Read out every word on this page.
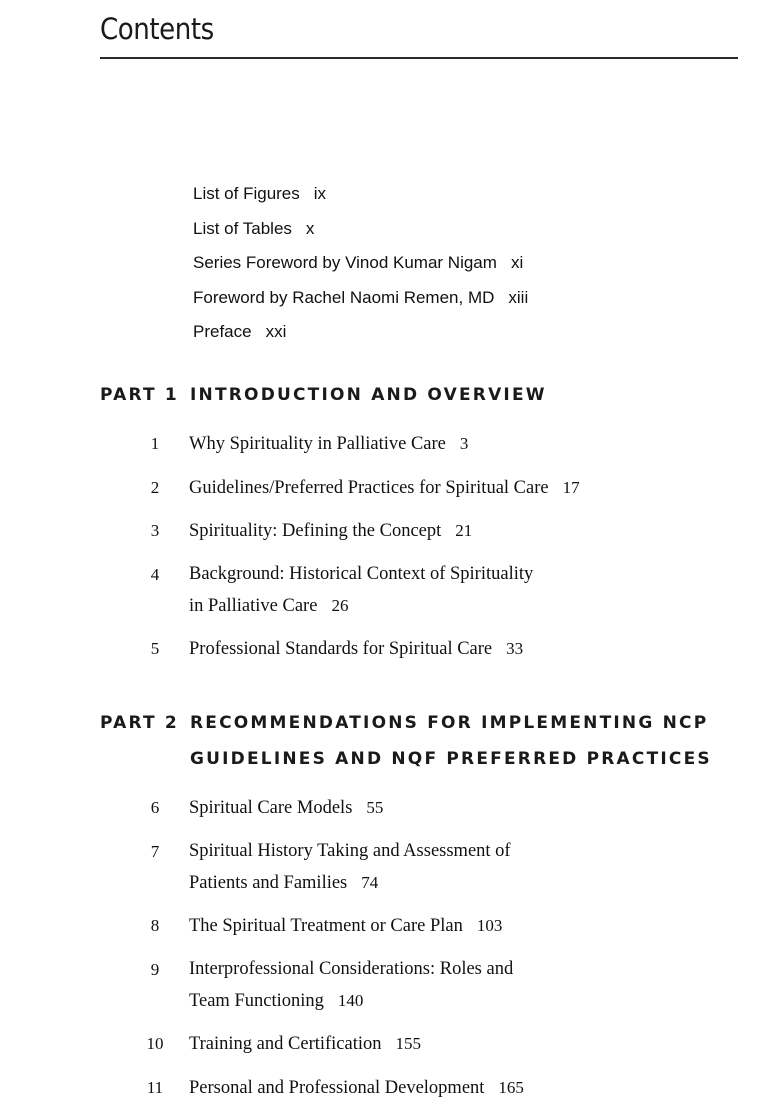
Contents
List of Figures ix
List of Tables x
Series Foreword by Vinod Kumar Nigam xi
Foreword by Rachel Naomi Remen, MD xiii
Preface xxi
PART 1 INTRODUCTION AND OVERVIEW
1	Why Spirituality in Palliative Care 3
2	Guidelines/Preferred Practices for Spiritual Care 17
3	Spirituality: Defining the Concept 21
4	Background: Historical Context of Spirituality
in Palliative Care 26
5	Professional Standards for Spiritual Care 33
PART 2 RECOMMENDATIONS FOR IMPLEMENTING NCP
GUIDELINES AND NQF PREFERRED PRACTICES
6	Spiritual Care Models 55
7	Spiritual History Taking and Assessment of
Patients and Families 74
8	The Spiritual Treatment or Care Plan 103
9	Interprofessional Considerations: Roles and
Team Functioning 140
10	Training and Certification 155
11	Personal and Professional Development 165
